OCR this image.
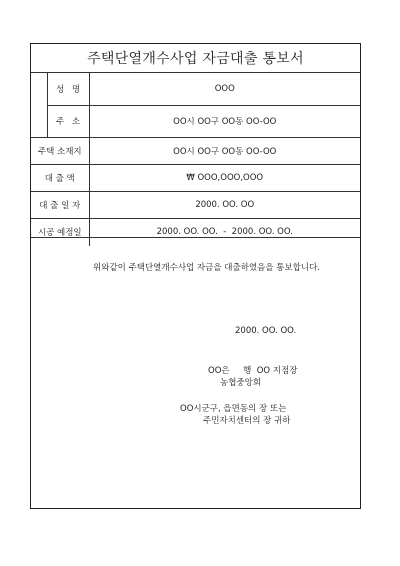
주택단열개수사업 자금대출 통보서

	성 명	OOO
	주 소	OO시 OO구 OO동 OO-OO
주택 소재지		OO시 OO구 OO동 OO-OO
대 출 액		₩ OOO,OOO,OOO
대 출 일 자		2000. OO. OO
시공 예정일		2000. OO. OO.  -  2000. OO. OO.
위와같이 주택단열개수사업 자금을 대출하였음을 통보합니다.
2000. OO. OO.
OO은     행  OO 지점장
농협중앙회
OO시군구, 읍면동의 장 또는
주민자치센터의 장 귀하
